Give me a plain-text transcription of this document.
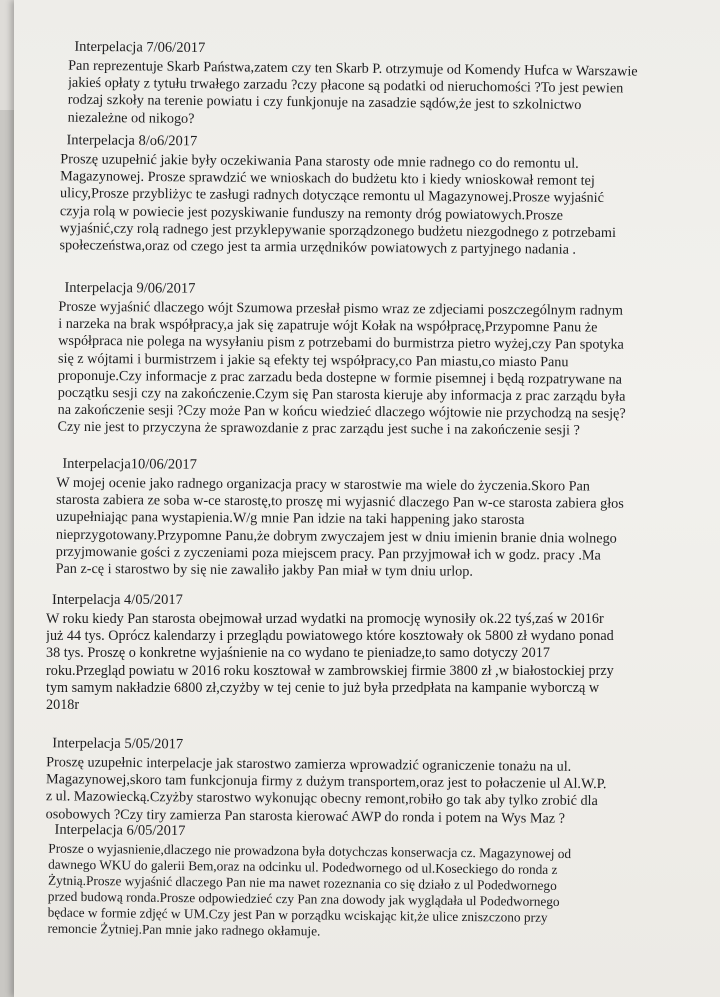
Interpelacja 7/06/2017
Pan reprezentuje Skarb Państwa,zatem czy ten Skarb P. otrzymuje od Komendy Hufca w Warszawie
jakieś opłaty z tytułu trwałego zarzadu ?czy płacone są podatki od nieruchomości ?To jest pewien
rodzaj szkoły na terenie powiatu i czy funkjonuje na zasadzie sądów,że jest to szkolnictwo
niezależne od nikogo?
Interpelacja 8/o6/2017
Proszę uzupełnić jakie były oczekiwania Pana starosty ode mnie radnego co do remontu ul.
Magazynowej. Prosze sprawdzić we wnioskach do budżetu kto i kiedy wnioskował remont tej
ulicy,Prosze przybliżyc te zasługi radnych dotyczące remontu ul Magazynowej.Prosze wyjaśnić
czyja rolą w powiecie jest pozyskiwanie funduszy na remonty dróg powiatowych.Prosze
wyjaśnić,czy rolą radnego jest przyklepywanie sporządzonego budżetu niezgodnego z potrzebami
społeczeństwa,oraz od czego jest ta armia urzędników powiatowych z partyjnego nadania .
Interpelacja 9/06/2017
Prosze wyjaśnić dlaczego wójt Szumowa przesłał pismo wraz ze zdjeciami poszczególnym radnym
i narzeka na brak współpracy,a jak się zapatruje wójt Kołak na współpracę,Przypomne Panu że
współpraca nie polega na wysyłaniu pism z potrzebami do burmistrza pietro wyżej,czy Pan spotyka
się z wójtami i burmistrzem i jakie są efekty tej współpracy,co Pan miastu,co miasto Panu
proponuje.Czy informacje z prac zarzadu beda dostepne w formie pisemnej i będą rozpatrywane na
początku sesji czy na zakończenie.Czym się Pan starosta kieruje aby informacja z prac zarządu była
na zakończenie sesji ?Czy może Pan w końcu wiedzieć dlaczego wójtowie nie przychodzą na sesję?
Czy nie jest to przyczyna że sprawozdanie z prac zarządu jest suche i na zakończenie sesji ?
Interpelacja10/06/2017
W mojej ocenie jako radnego organizacja pracy w starostwie ma wiele do życzenia.Skoro Pan
starosta zabiera ze soba w-ce starostę,to proszę mi wyjasnić dlaczego Pan w-ce starosta zabiera głos
uzupełniając pana wystapienia.W/g mnie Pan idzie na taki happening jako starosta
nieprzygotowany.Przypomne Panu,że dobrym zwyczajem jest w dniu imienin branie dnia wolnego
przyjmowanie gości z zyczeniami poza miejscem pracy. Pan przyjmował ich w godz. pracy .Ma
Pan z-cę i starostwo by się nie zawaliło jakby Pan miał w tym dniu urlop.
Interpelacja 4/05/2017
W roku kiedy Pan starosta obejmował urzad wydatki na promocję wynosiły ok.22 tyś,zaś w 2016r
już 44 tys. Oprócz kalendarzy i przeglądu powiatowego które kosztowały ok 5800 zł wydano ponad
38 tys. Proszę o konkretne wyjaśnienie na co wydano te pieniadze,to samo dotyczy 2017
roku.Przegląd powiatu w 2016 roku kosztował w zambrowskiej firmie 3800 zł ,w białostockiej przy
tym samym nakładzie 6800 zł,czyżby w tej cenie to już była przedpłata na kampanie wyborczą w
2018r
Interpelacja 5/05/2017
Proszę uzupełnic interpelacje jak starostwo zamierza wprowadzić ograniczenie tonażu na ul.
Magazynowej,skoro tam funkcjonuja firmy z dużym transportem,oraz jest to połaczenie ul Al.W.P.
z ul. Mazowiecką.Czyżby starostwo wykonując obecny remont,robiło go tak aby tylko zrobić dla
osobowych ?Czy tiry zamierza Pan starosta kierować AWP do ronda i potem na Wys Maz ?
Interpelacja 6/05/2017
Prosze o wyjasnienie,dlaczego nie prowadzona była dotychczas konserwacja cz. Magazynowej od
dawnego WKU do galerii Bem,oraz na odcinku ul. Podedwornego od ul.Koseckiego do ronda z
Żytnią.Prosze wyjaśnić dlaczego Pan nie ma nawet rozeznania co się działo z ul Podedwornego
przed budową ronda.Prosze odpowiedzieć czy Pan zna dowody jak wyglądała ul Podedwornego
będace w formie zdjęć w UM.Czy jest Pan w porządku wciskając kit,że ulice zniszczono przy
remoncie Żytniej.Pan mnie jako radnego okłamuje.
